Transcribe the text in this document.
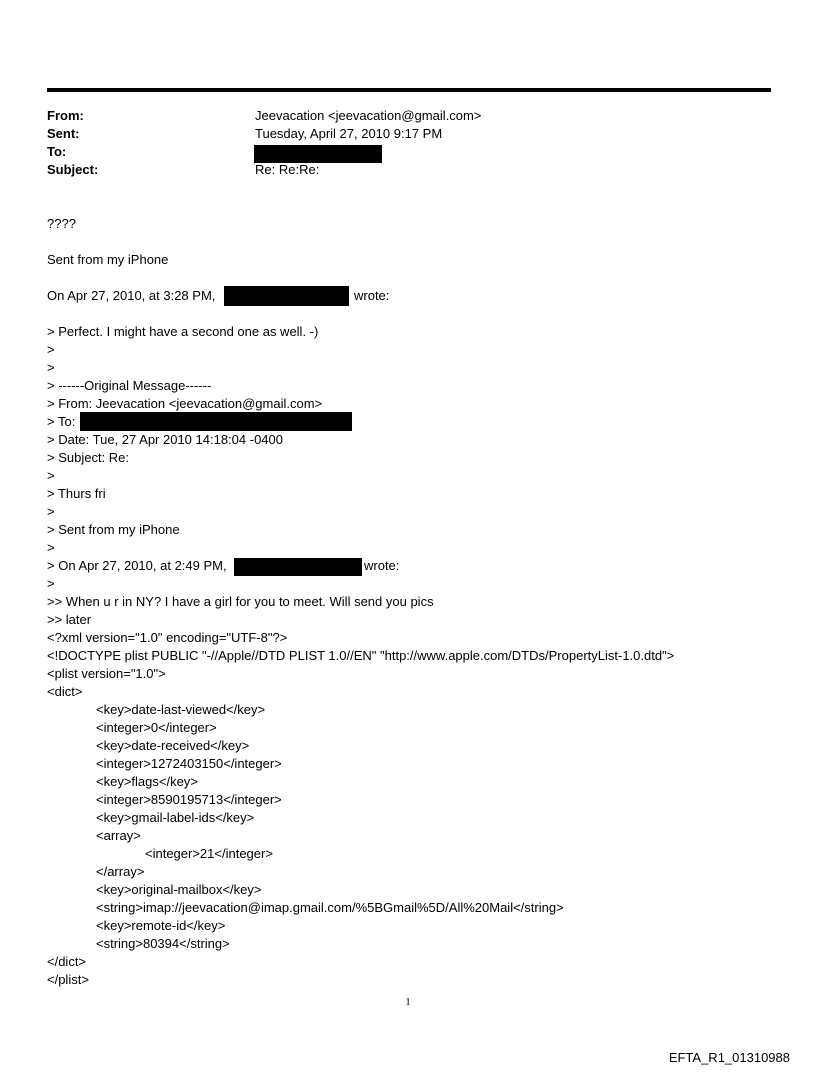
From:	Jeevacation <jeevacation@gmail.com>
Sent:	Tuesday, April 27, 2010 9:17 PM
To:
Subject:	Re: Re:Re:
????
Sent from my iPhone
On Apr 27, 2010, at 3:28 PM,	wrote:
> Perfect. I might have a second one as well. -)
>
>
> ------Original Message------
> From: Jeevacation <jeevacation@gmail.com>
> To:
> Date: Tue, 27 Apr 2010 14:18:04 -0400
> Subject: Re:
>
> Thurs fri
>
> Sent from my iPhone
>
> On Apr 27, 2010, at 2:49 PM,	wrote:
>
>> When u r in NY? I have a girl for you to meet. Will send you pics
>> later
<?xml version="1.0" encoding="UTF-8"?>
<!DOCTYPE plist PUBLIC "-//Apple//DTD PLIST 1.0//EN" "http://www.apple.com/DTDs/PropertyList-1.0.dtd">
<plist version="1.0">
<dict>
<key>date-last-viewed</key>
<integer>0</integer>
<key>date-received</key>
<integer>1272403150</integer>
<key>flags</key>
<integer>8590195713</integer>
<key>gmail-label-ids</key>
<array>
<integer>21</integer>
</array>
<key>original-mailbox</key>
<string>imap://jeevacation@imap.gmail.com/%5BGmail%5D/All%20Mail</string>
<key>remote-id</key>
<string>80394</string>
</dict>
</plist>
1
EFTA_R1_01310988
